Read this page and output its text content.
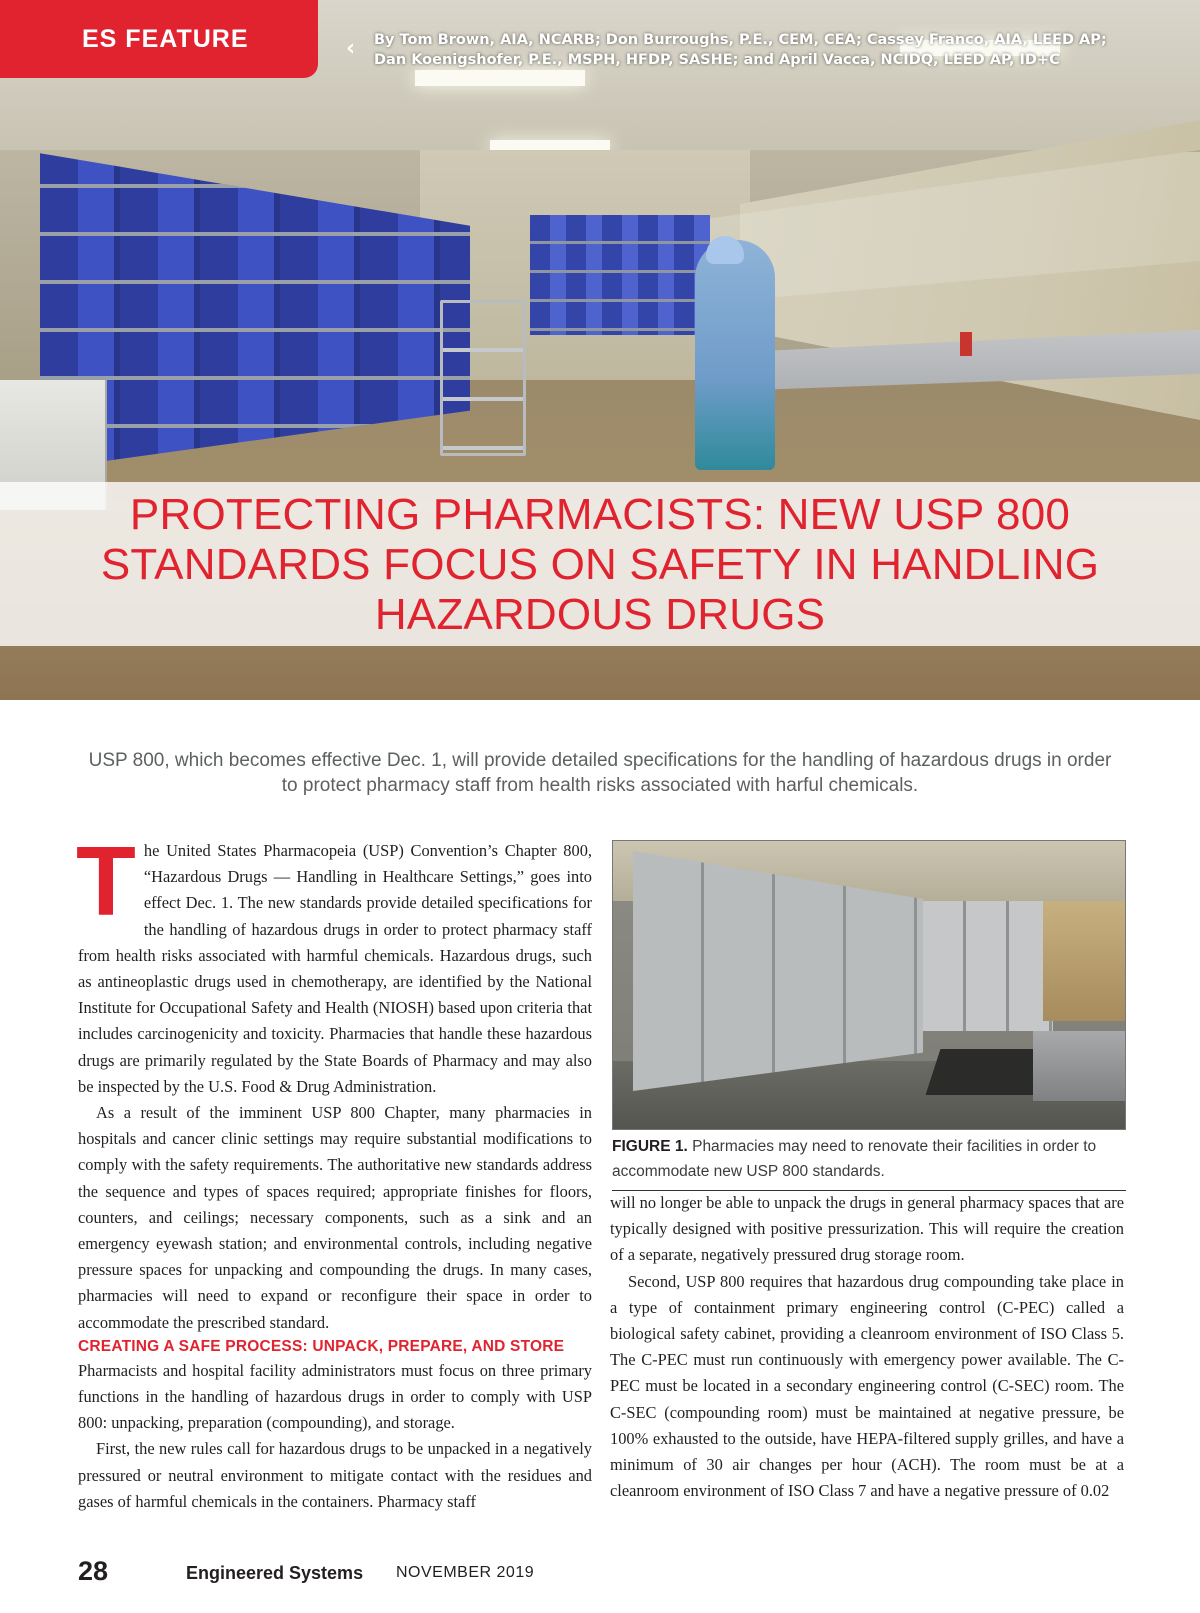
ES FEATURE	‹ By Tom Brown, AIA, NCARB; Don Burroughs, P.E., CEM, CEA; Cassey Franco, AIA, LEED AP;
Dan Koenigshofer, P.E., MSPH, HFDP, SASHE; and April Vacca, NCIDQ, LEED AP, ID+C
PROTECTING PHARMACISTS: NEW USP 800
STANDARDS FOCUS ON SAFETY IN HANDLING
HAZARDOUS DRUGS
USP 800, which becomes effective Dec. 1, will provide detailed specifications for the handling of hazardous drugs in order to protect pharmacy staff from health risks associated with harful chemicals.
T he United States Pharmacopeia (USP) Convention’s Chapter 800, “Hazardous Drugs — Handling in Healthcare Settings,” goes into effect Dec. 1. The new standards provide detailed specifications for the handling of hazardous drugs in order to protect pharmacy staff from health risks associated with harmful chemicals. Hazardous drugs, such as antineoplastic drugs used in chemotherapy, are identified by the National Institute for Occupational Safety and Health (NIOSH) based upon criteria that includes carcinogenicity and toxicity. Pharmacies that handle these hazardous drugs are primarily regulated by the State Boards of Pharmacy and may also be inspected by the U.S. Food & Drug Administration.

As a result of the imminent USP 800 Chapter, many pharmacies in hospitals and cancer clinic settings may require substantial modifications to comply with the safety requirements. The authoritative new standards address the sequence and types of spaces required; appropriate finishes for floors, counters, and ceilings; necessary components, such as a sink and an emergency eyewash station; and environmental controls, including negative pressure spaces for unpacking and compounding the drugs. In many cases, pharmacies will need to expand or reconfigure their space in order to accommodate the prescribed standard.

CREATING A SAFE PROCESS: UNPACK, PREPARE, AND STORE

Pharmacists and hospital facility administrators must focus on three primary functions in the handling of hazardous drugs in order to comply with USP 800: unpacking, preparation (compounding), and storage.

First, the new rules call for hazardous drugs to be unpacked in a negatively pressured or neutral environment to mitigate contact with the residues and gases of harmful chemicals in the containers. Pharmacy staff

FIGURE 1. Pharmacies may need to renovate their facilities in order to accommodate new USP 800 standards.

will no longer be able to unpack the drugs in general pharmacy spaces that are typically designed with positive pressurization. This will require the creation of a separate, negatively pressured drug storage room.

Second, USP 800 requires that hazardous drug compounding take place in a type of containment primary engineering control (C-PEC) called a biological safety cabinet, providing a cleanroom environment of ISO Class 5. The C-PEC must run continuously with emergency power available. The C-PEC must be located in a secondary engineering control (C-SEC) room. The C-SEC (compounding room) must be maintained at negative pressure, be 100% exhausted to the outside, have HEPA-filtered supply grilles, and have a minimum of 30 air changes per hour (ACH). The room must be at a cleanroom environment of ISO Class 7 and have a negative pressure of 0.02

28	Engineered Systems NOVEMBER 2019
